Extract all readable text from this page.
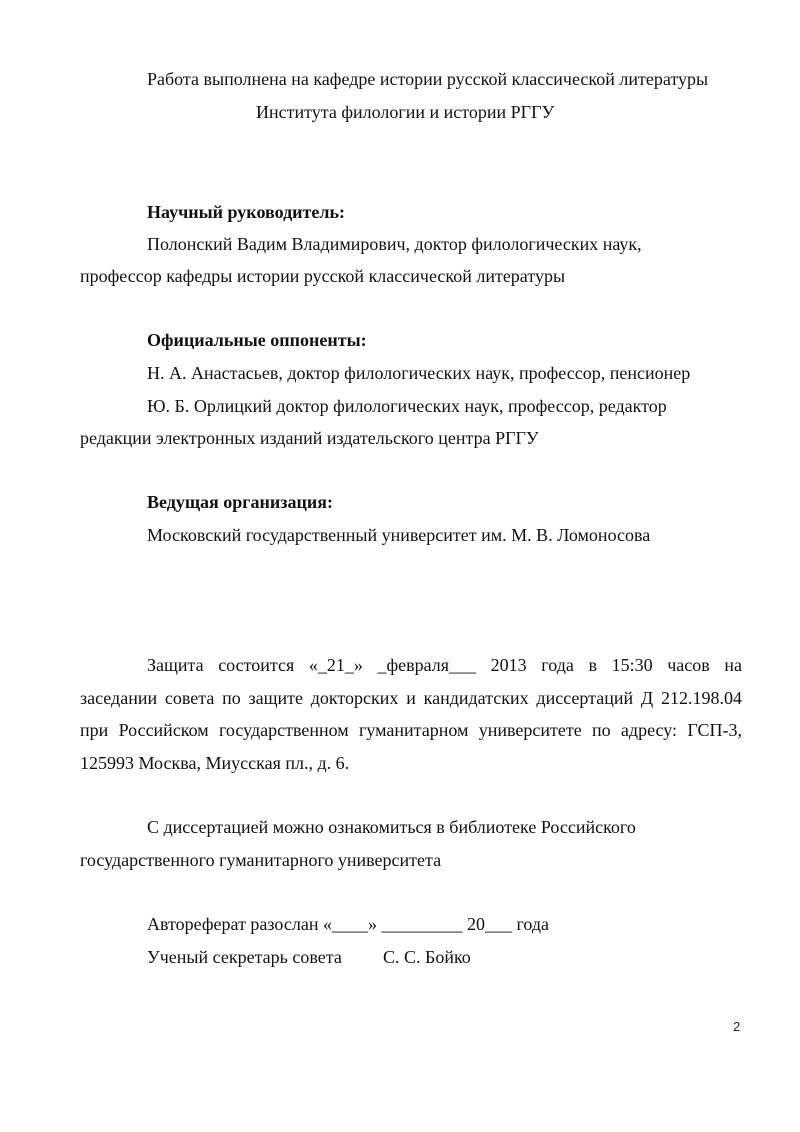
Работа выполнена на кафедре истории русской классической литературы
Института филологии и истории РГГУ
Научный руководитель:
Полонский Вадим Владимирович, доктор филологических наук,
профессор кафедры истории русской классической литературы
Официальные оппоненты:
Н. А. Анастасьев, доктор филологических наук, профессор, пенсионер
Ю. Б. Орлицкий доктор филологических наук, профессор, редактор
редакции электронных изданий издательского центра РГГУ
Ведущая организация:
Московский государственный университет им. М. В. Ломоносова
Защита состоится «_21_» _февраля___ 2013 года в 15:30 часов на
заседании совета по защите докторских и кандидатских диссертаций Д 212.198.04
при Российском государственном гуманитарном университете по адресу: ГСП-3,
125993 Москва, Миусская пл., д. 6.
С диссертацией можно ознакомиться в библиотеке Российского
государственного гуманитарного университета
Автореферат разослан «____» _________ 20___ года
Ученый секретарь совета С. С. Бойко
2
